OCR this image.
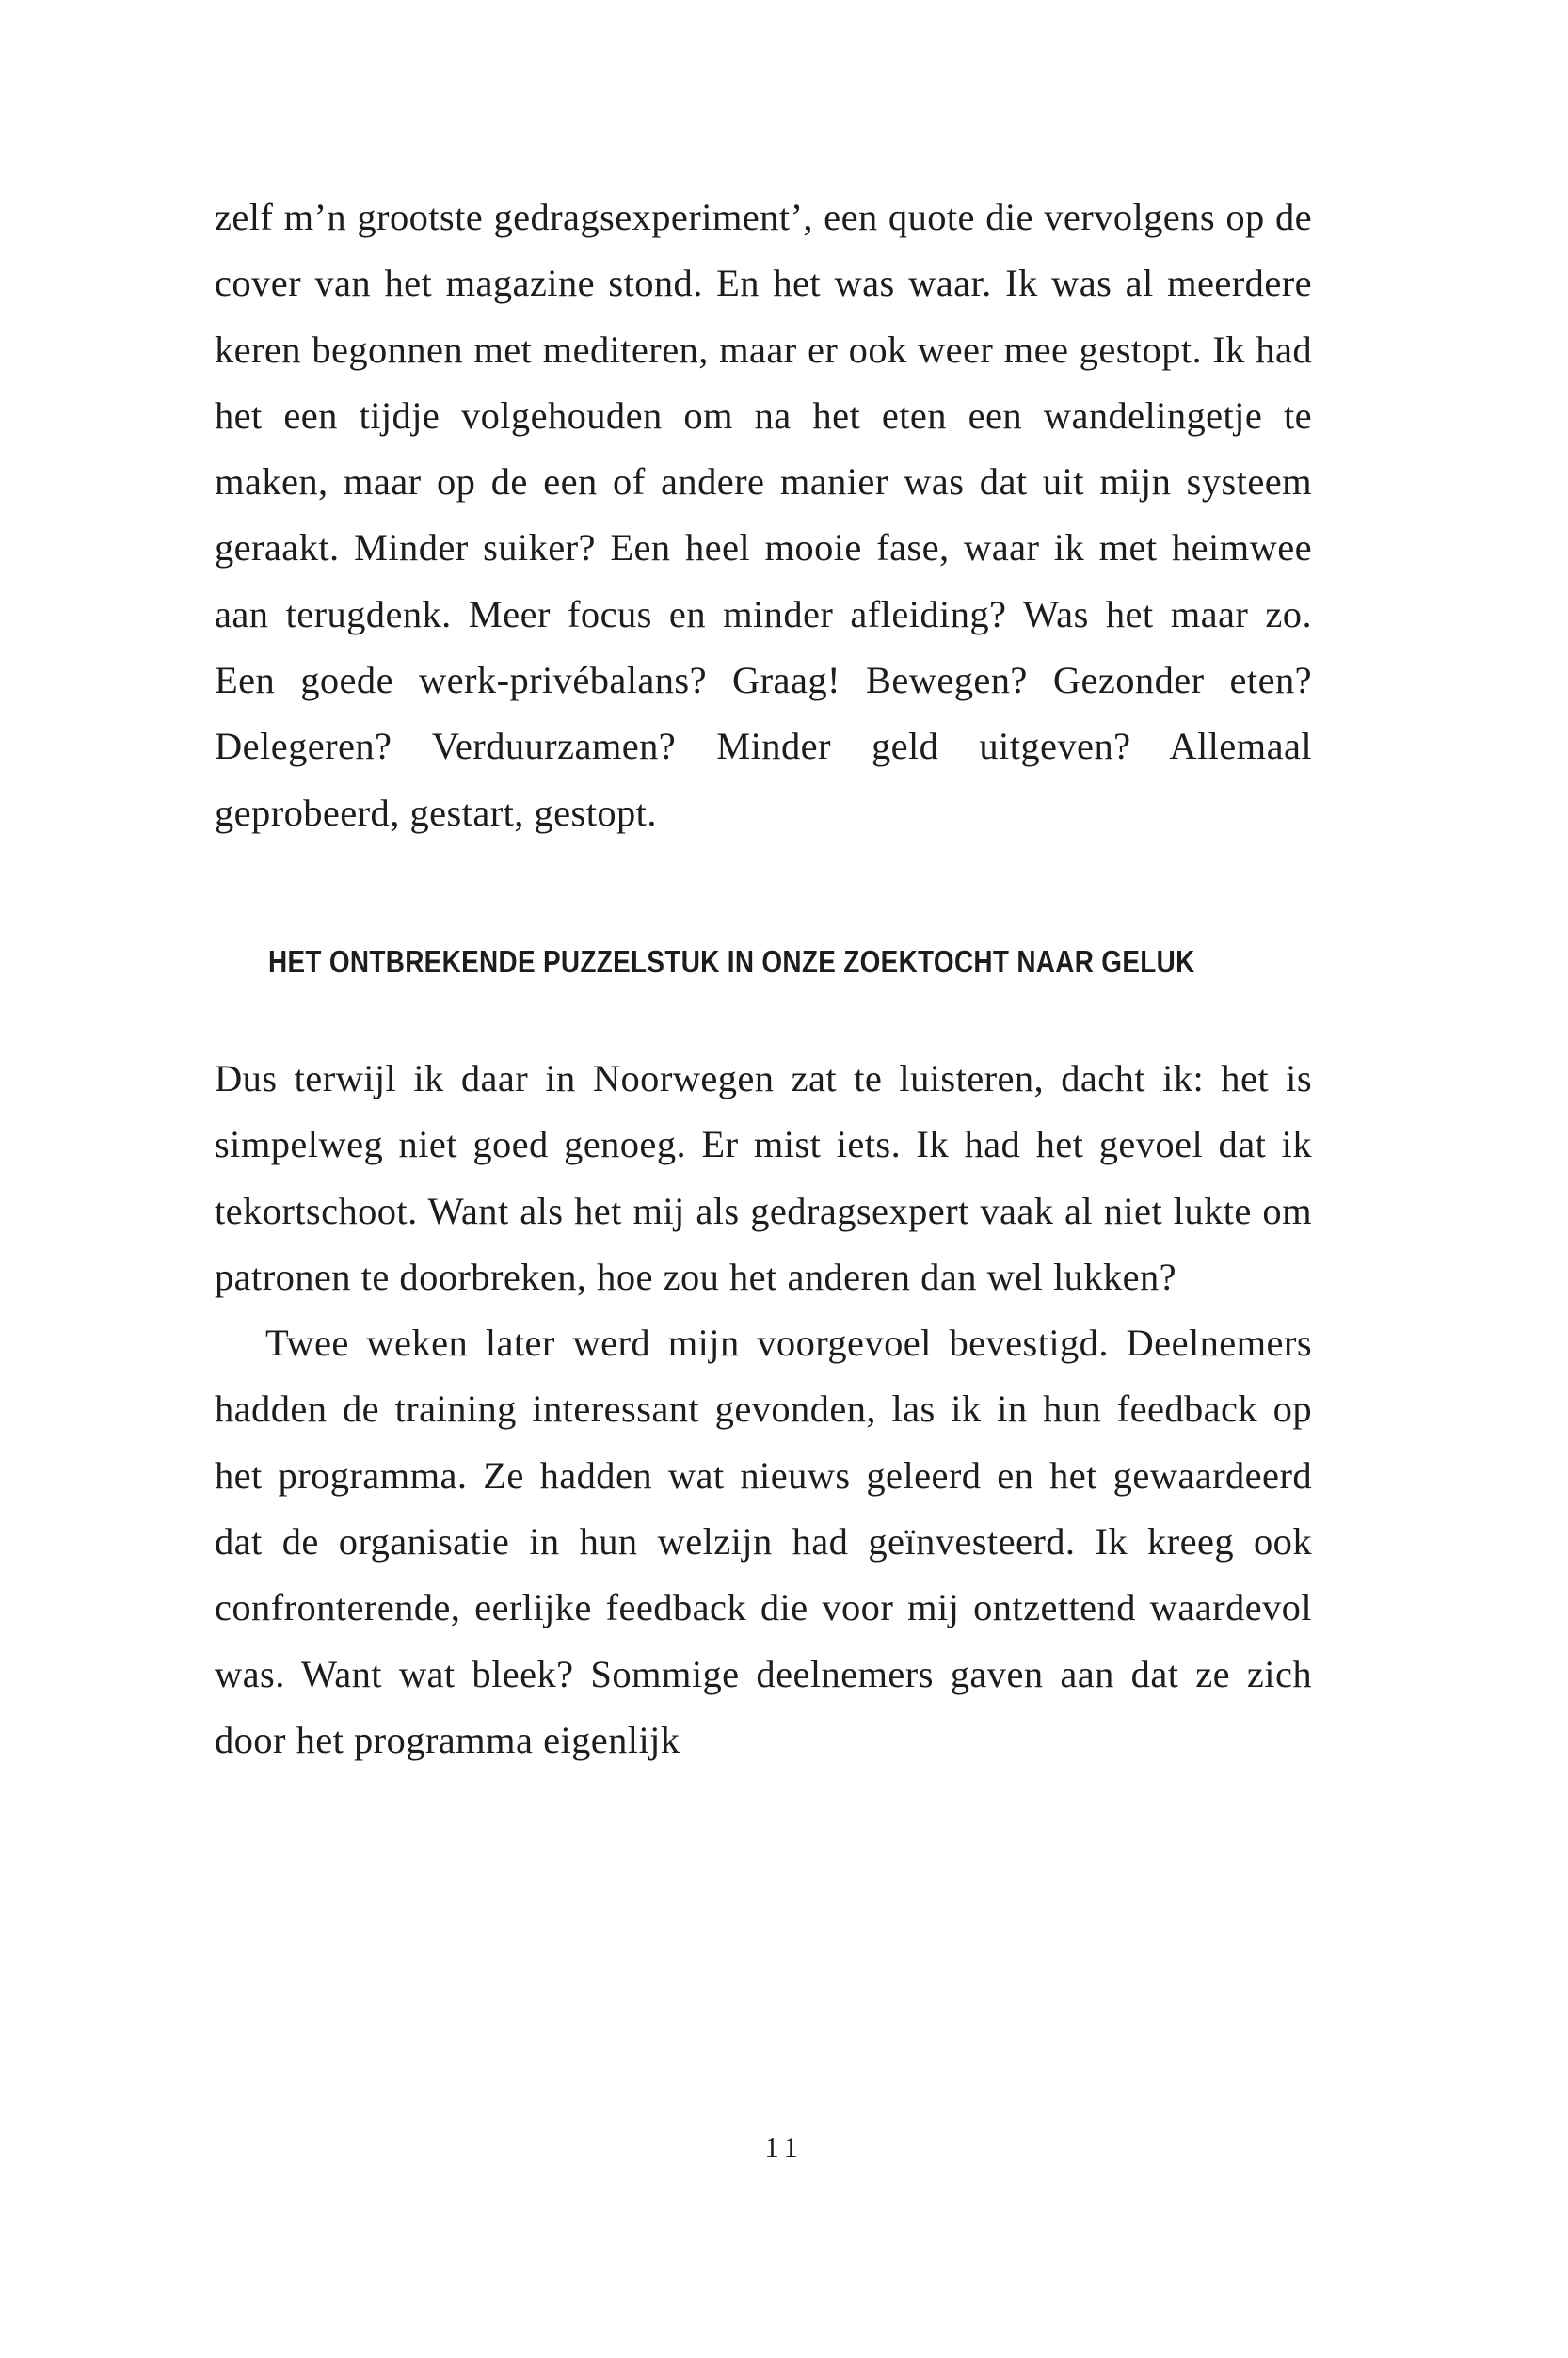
zelf m’n grootste gedragsexperiment’, een quote die vervolgens op de cover van het magazine stond. En het was waar. Ik was al meerdere keren begonnen met mediteren, maar er ook weer mee gestopt. Ik had het een tijdje volgehouden om na het eten een wandelingetje te maken, maar op de een of andere manier was dat uit mijn systeem geraakt. Minder suiker? Een heel mooie fase, waar ik met heimwee aan terugdenk. Meer focus en minder afleiding? Was het maar zo. Een goede werk-privébalans? Graag! Bewegen? Gezonder eten? Delegeren? Verduurzamen? Minder geld uitgeven? Allemaal geprobeerd, gestart, gestopt.

HET ONTBREKENDE PUZZELSTUK IN ONZE ZOEKTOCHT NAAR GELUK

Dus terwijl ik daar in Noorwegen zat te luisteren, dacht ik: het is simpelweg niet goed genoeg. Er mist iets. Ik had het gevoel dat ik tekortschoot. Want als het mij als gedragsexpert vaak al niet lukte om patronen te doorbreken, hoe zou het anderen dan wel lukken?

Twee weken later werd mijn voorgevoel bevestigd. Deelnemers hadden de training interessant gevonden, las ik in hun feedback op het programma. Ze hadden wat nieuws geleerd en het gewaardeerd dat de organisatie in hun welzijn had geïnvesteerd. Ik kreeg ook confronterende, eerlijke feedback die voor mij ontzettend waardevol was. Want wat bleek? Sommige deelnemers gaven aan dat ze zich door het programma eigenlijk

11
